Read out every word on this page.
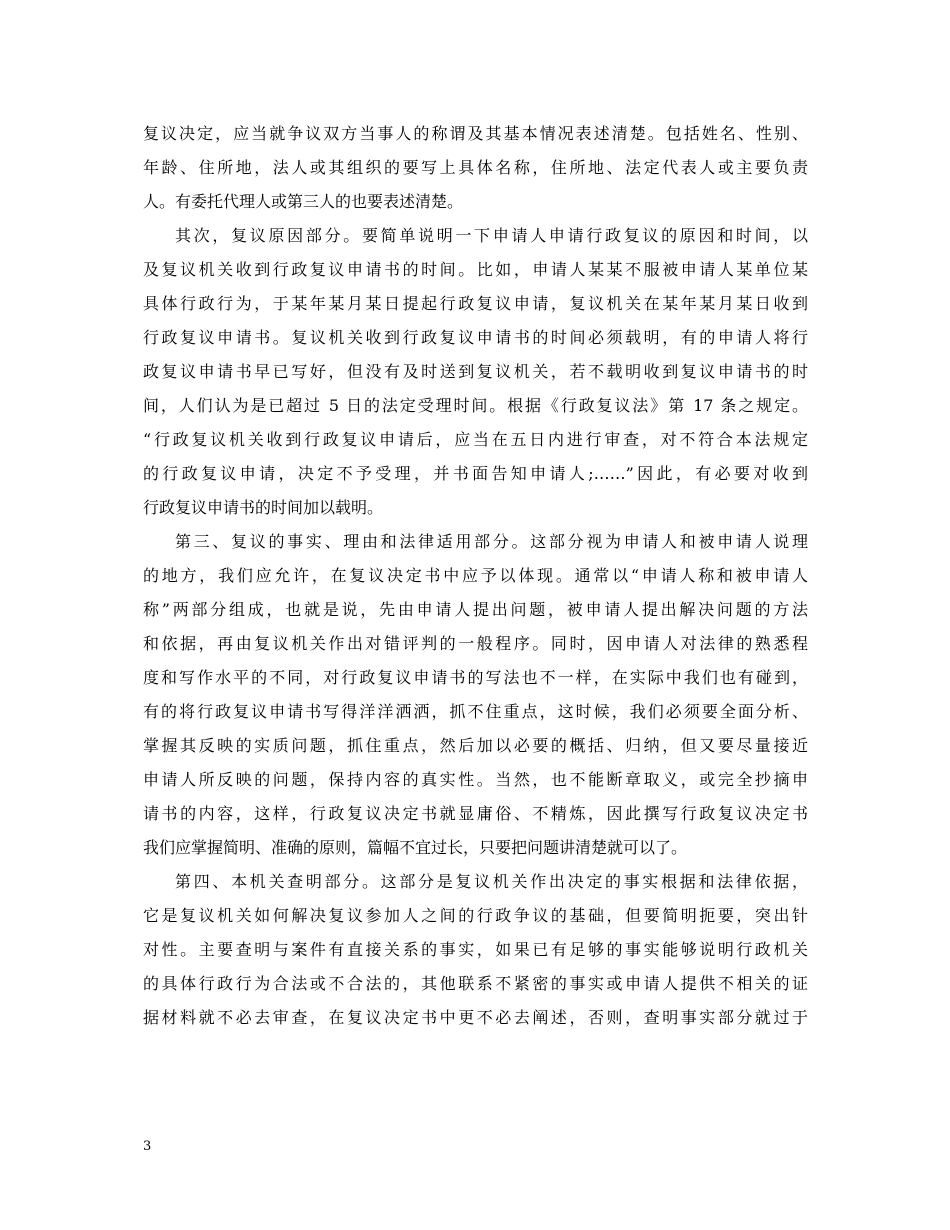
复议决定，应当就争议双方当事人的称谓及其基本情况表述清楚。包括姓名、性别、
年龄、住所地，法人或其组织的要写上具体名称，住所地、法定代表人或主要负责
人。有委托代理人或第三人的也要表述清楚。
其次，复议原因部分。要简单说明一下申请人申请行政复议的原因和时间，以
及复议机关收到行政复议申请书的时间。比如，申请人某某不服被申请人某单位某
具体行政行为，于某年某月某日提起行政复议申请，复议机关在某年某月某日收到
行政复议申请书。复议机关收到行政复议申请书的时间必须载明，有的申请人将行
政复议申请书早已写好，但没有及时送到复议机关，若不载明收到复议申请书的时
间，人们认为是已超过 5 日的法定受理时间。根据《行政复议法》第 17 条之规定。
“行政复议机关收到行政复议申请后，应当在五日内进行审查，对不符合本法规定
的行政复议申请，决定不予受理，并书面告知申请人;……”因此，有必要对收到
行政复议申请书的时间加以载明。
第三、复议的事实、理由和法律适用部分。这部分视为申请人和被申请人说理
的地方，我们应允许，在复议决定书中应予以体现。通常以“申请人称和被申请人
称”两部分组成，也就是说，先由申请人提出问题，被申请人提出解决问题的方法
和依据，再由复议机关作出对错评判的一般程序。同时，因申请人对法律的熟悉程
度和写作水平的不同，对行政复议申请书的写法也不一样，在实际中我们也有碰到，
有的将行政复议申请书写得洋洋洒洒，抓不住重点，这时候，我们必须要全面分析、
掌握其反映的实质问题，抓住重点，然后加以必要的概括、归纳，但又要尽量接近
申请人所反映的问题，保持内容的真实性。当然，也不能断章取义，或完全抄摘申
请书的内容，这样，行政复议决定书就显庸俗、不精炼，因此撰写行政复议决定书
我们应掌握简明、准确的原则，篇幅不宜过长，只要把问题讲清楚就可以了。
第四、本机关查明部分。这部分是复议机关作出决定的事实根据和法律依据，
它是复议机关如何解决复议参加人之间的行政争议的基础，但要简明扼要，突出针
对性。主要查明与案件有直接关系的事实，如果已有足够的事实能够说明行政机关
的具体行政行为合法或不合法的，其他联系不紧密的事实或申请人提供不相关的证
据材料就不必去审查，在复议决定书中更不必去阐述，否则，查明事实部分就过于
3
